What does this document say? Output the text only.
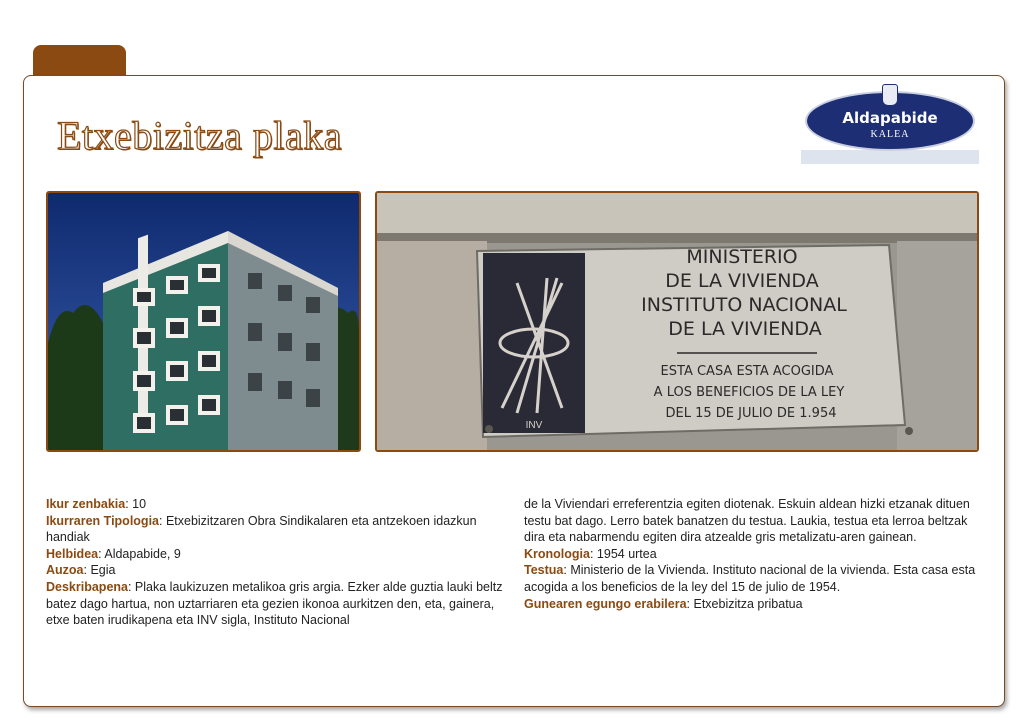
Etxebizitza plaka	Aldapabide
KALEA
INV
MINISTERIO
DE LA VIVIENDA
INSTITUTO NACIONAL
DE LA VIVIENDA
ESTA CASA ESTA ACOGIDA
A LOS BENEFICIOS DE LA LEY
DEL 15 DE JULIO DE 1.954

Ikur zenbakia: 10

Ikurraren Tipologia: Etxebizitzaren Obra Sindikalaren eta antzekoen idazkun handiak

Helbidea: Aldapabide, 9

Auzoa: Egia

Deskribapena: Plaka laukizuzen metalikoa gris argia. Ezker alde guztia lauki beltz batez dago hartua, non uztarriaren eta gezien ikonoa aurkitzen den, eta, gainera, etxe baten irudikapena eta INV sigla, Instituto Nacional

de la Viviendari erreferentzia egiten diotenak. Eskuin aldean hizki etzanak dituen testu bat dago. Lerro batek banatzen du testua. Laukia, testua eta lerroa beltzak dira eta nabarmendu egiten dira atzealde gris metalizatu-aren gainean.

Kronologia: 1954 urtea

Testua: Ministerio de la Vivienda. Instituto nacional de la vivienda. Esta casa esta acogida a los beneficios de la ley del 15 de julio de 1954.

Gunearen egungo erabilera: Etxebizitza pribatua
